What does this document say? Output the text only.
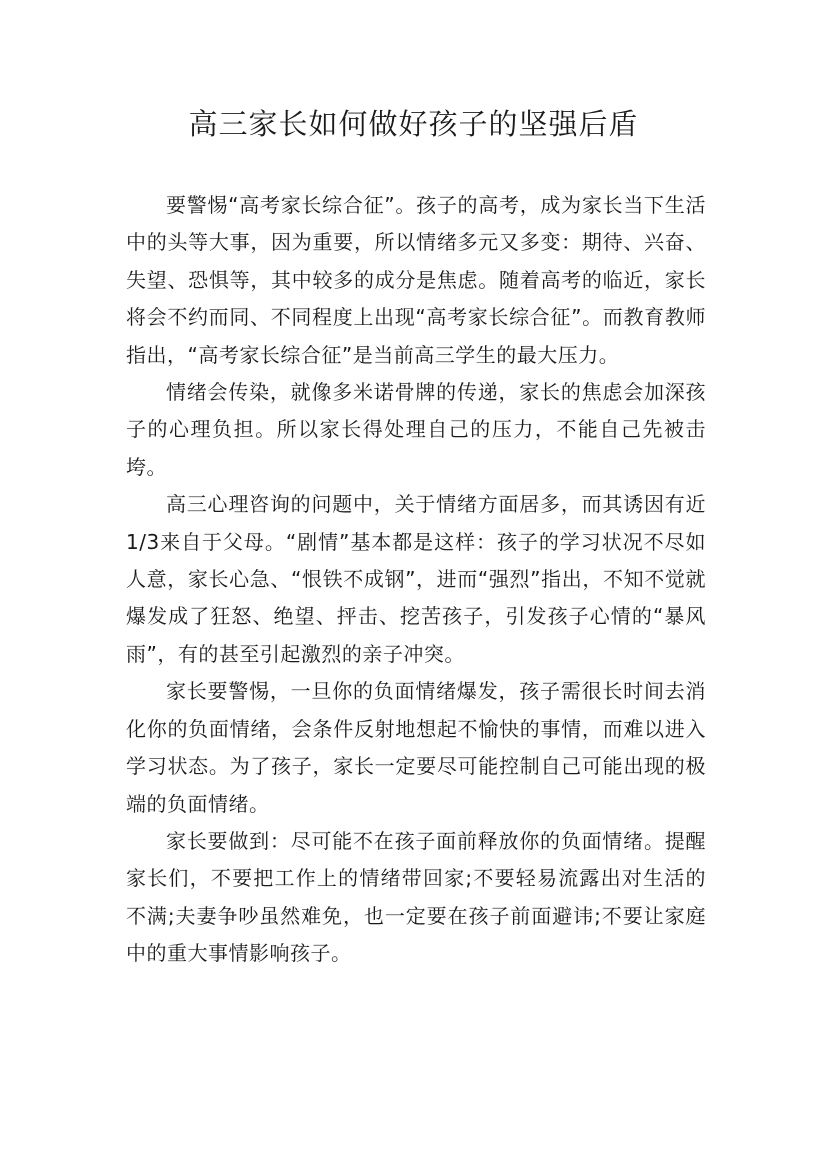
高三家长如何做好孩子的坚强后盾

要警惕“高考家长综合征”。孩子的高考，成为家长当下生活中的头等大事，因为重要，所以情绪多元又多变：期待、兴奋、失望、恐惧等，其中较多的成分是焦虑。随着高考的临近，家长将会不约而同、不同程度上出现“高考家长综合征”。而教育教师指出，“高考家长综合征”是当前高三学生的最大压力。

情绪会传染，就像多米诺骨牌的传递，家长的焦虑会加深孩子的心理负担。所以家长得处理自己的压力，不能自己先被击垮。

高三心理咨询的问题中，关于情绪方面居多，而其诱因有近1/3来自于父母。“剧情”基本都是这样：孩子的学习状况不尽如人意，家长心急、“恨铁不成钢”，进而“强烈”指出，不知不觉就爆发成了狂怒、绝望、抨击、挖苦孩子，引发孩子心情的“暴风雨”，有的甚至引起激烈的亲子冲突。

家长要警惕，一旦你的负面情绪爆发，孩子需很长时间去消化你的负面情绪，会条件反射地想起不愉快的事情，而难以进入学习状态。为了孩子，家长一定要尽可能控制自己可能出现的极端的负面情绪。

家长要做到：尽可能不在孩子面前释放你的负面情绪。提醒家长们，不要把工作上的情绪带回家;不要轻易流露出对生活的不满;夫妻争吵虽然难免，也一定要在孩子前面避讳;不要让家庭中的重大事情影响孩子。
